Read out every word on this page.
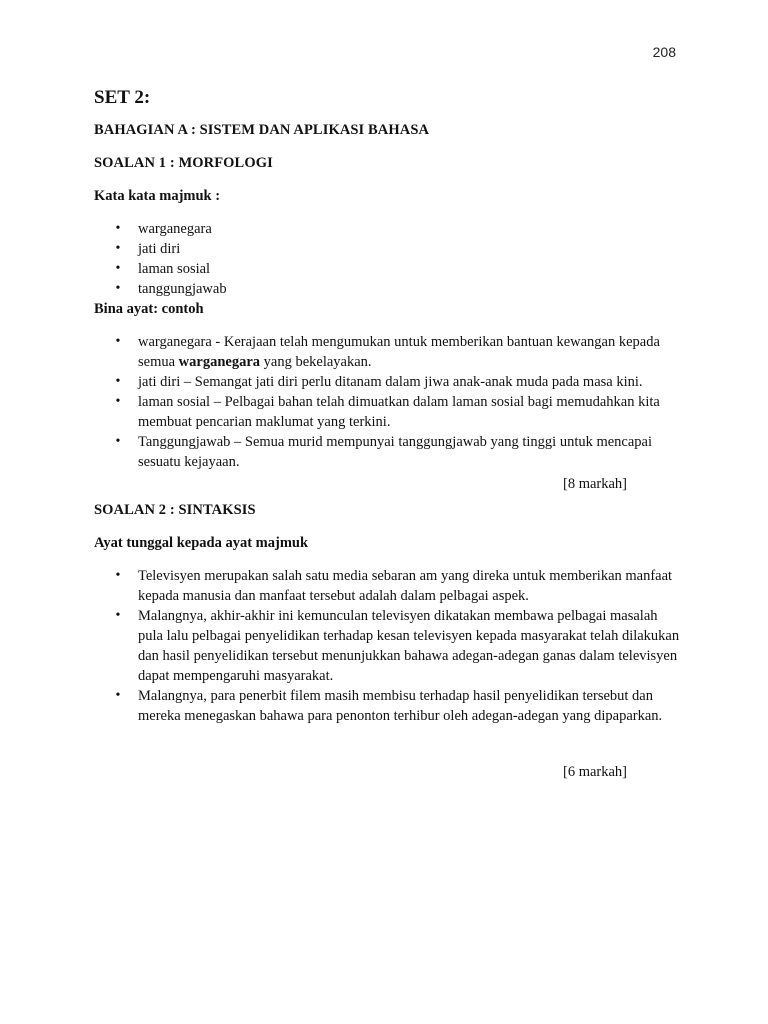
208
SET 2:
BAHAGIAN A : SISTEM DAN APLIKASI BAHASA
SOALAN 1 : MORFOLOGI
Kata kata majmuk :
• warganegara
• jati diri
• laman sosial
• tanggungjawab
Bina ayat: contoh
• warganegara - Kerajaan telah mengumukan untuk memberikan bantuan kewangan kepada semua warganegara yang bekelayakan.
• jati diri – Semangat jati diri perlu ditanam dalam jiwa anak-anak muda pada masa kini.
• laman sosial – Pelbagai bahan telah dimuatkan dalam laman sosial bagi memudahkan kita membuat pencarian maklumat yang terkini.
• Tanggungjawab – Semua murid mempunyai tanggungjawab yang tinggi untuk mencapai sesuatu kejayaan.
[8 markah]
SOALAN 2 : SINTAKSIS
Ayat tunggal kepada ayat majmuk
• Televisyen merupakan salah satu media sebaran am yang direka untuk memberikan manfaat kepada manusia dan manfaat tersebut adalah dalam pelbagai aspek.
• Malangnya, akhir-akhir ini kemunculan televisyen dikatakan membawa pelbagai masalah pula lalu pelbagai penyelidikan terhadap kesan televisyen kepada masyarakat telah dilakukan dan hasil penyelidikan tersebut menunjukkan bahawa adegan-adegan ganas dalam televisyen dapat mempengaruhi masyarakat.
• Malangnya, para penerbit filem masih membisu terhadap hasil penyelidikan tersebut dan mereka menegaskan bahawa para penonton terhibur oleh adegan-adegan yang dipaparkan.
[6 markah]
